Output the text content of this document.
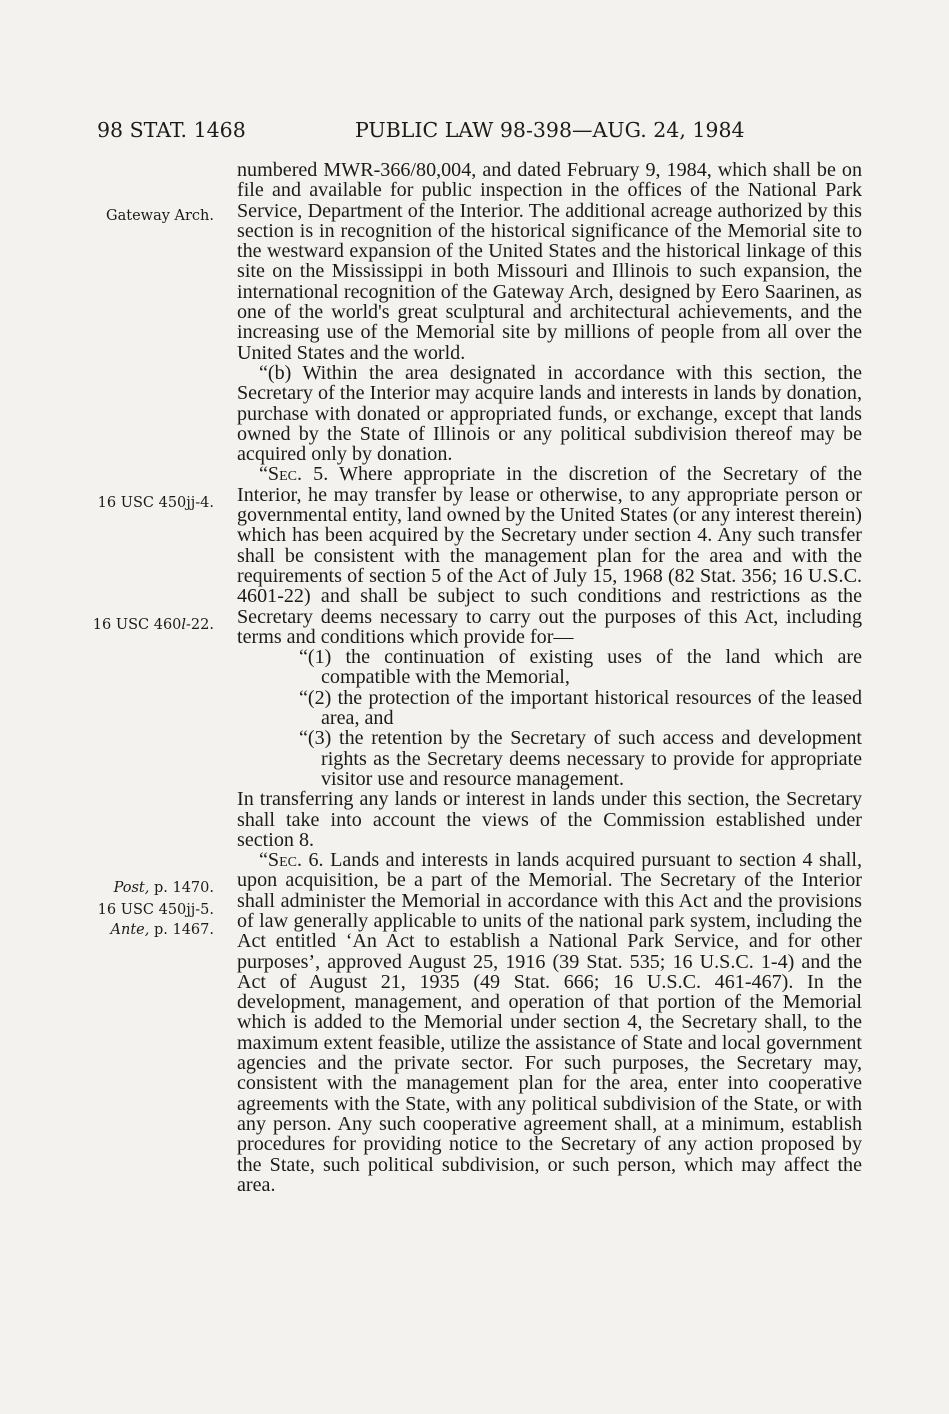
98 STAT. 1468	PUBLIC LAW 98-398—AUG. 24, 1984
Gateway Arch.
16 USC 450jj-4.
16 USC 460l-22.
Post, p. 1470.
16 USC 450jj-5.
Ante, p. 1467.

numbered MWR-366/80,004, and dated February 9, 1984, which shall be on file and available for public inspection in the offices of the National Park Service, Department of the Interior. The additional acreage authorized by this section is in recognition of the historical significance of the Memorial site to the westward expansion of the United States and the historical linkage of this site on the Mississippi in both Missouri and Illinois to such expansion, the international recognition of the Gateway Arch, designed by Eero Saarinen, as one of the world's great sculptural and architectural achievements, and the increasing use of the Memorial site by millions of people from all over the United States and the world.

“(b) Within the area designated in accordance with this section, the Secretary of the Interior may acquire lands and interests in lands by donation, purchase with donated or appropriated funds, or exchange, except that lands owned by the State of Illinois or any political subdivision thereof may be acquired only by donation.

“Sec. 5. Where appropriate in the discretion of the Secretary of the Interior, he may transfer by lease or otherwise, to any appropriate person or governmental entity, land owned by the United States (or any interest therein) which has been acquired by the Secretary under section 4. Any such transfer shall be consistent with the management plan for the area and with the requirements of section 5 of the Act of July 15, 1968 (82 Stat. 356; 16 U.S.C. 4601-22) and shall be subject to such conditions and restrictions as the Secretary deems necessary to carry out the purposes of this Act, including terms and conditions which provide for—

“(1) the continuation of existing uses of the land which are compatible with the Memorial,

“(2) the protection of the important historical resources of the leased area, and

“(3) the retention by the Secretary of such access and development rights as the Secretary deems necessary to provide for appropriate visitor use and resource management.

In transferring any lands or interest in lands under this section, the Secretary shall take into account the views of the Commission established under section 8.

“Sec. 6. Lands and interests in lands acquired pursuant to section 4 shall, upon acquisition, be a part of the Memorial. The Secretary of the Interior shall administer the Memorial in accordance with this Act and the provisions of law generally applicable to units of the national park system, including the Act entitled ‘An Act to establish a National Park Service, and for other purposes’, approved August 25, 1916 (39 Stat. 535; 16 U.S.C. 1-4) and the Act of August 21, 1935 (49 Stat. 666; 16 U.S.C. 461-467). In the development, management, and operation of that portion of the Memorial which is added to the Memorial under section 4, the Secretary shall, to the maximum extent feasible, utilize the assistance of State and local government agencies and the private sector. For such purposes, the Secretary may, consistent with the management plan for the area, enter into cooperative agreements with the State, with any political subdivision of the State, or with any person. Any such cooperative agreement shall, at a minimum, establish procedures for providing notice to the Secretary of any action proposed by the State, such political subdivision, or such person, which may affect the area.
